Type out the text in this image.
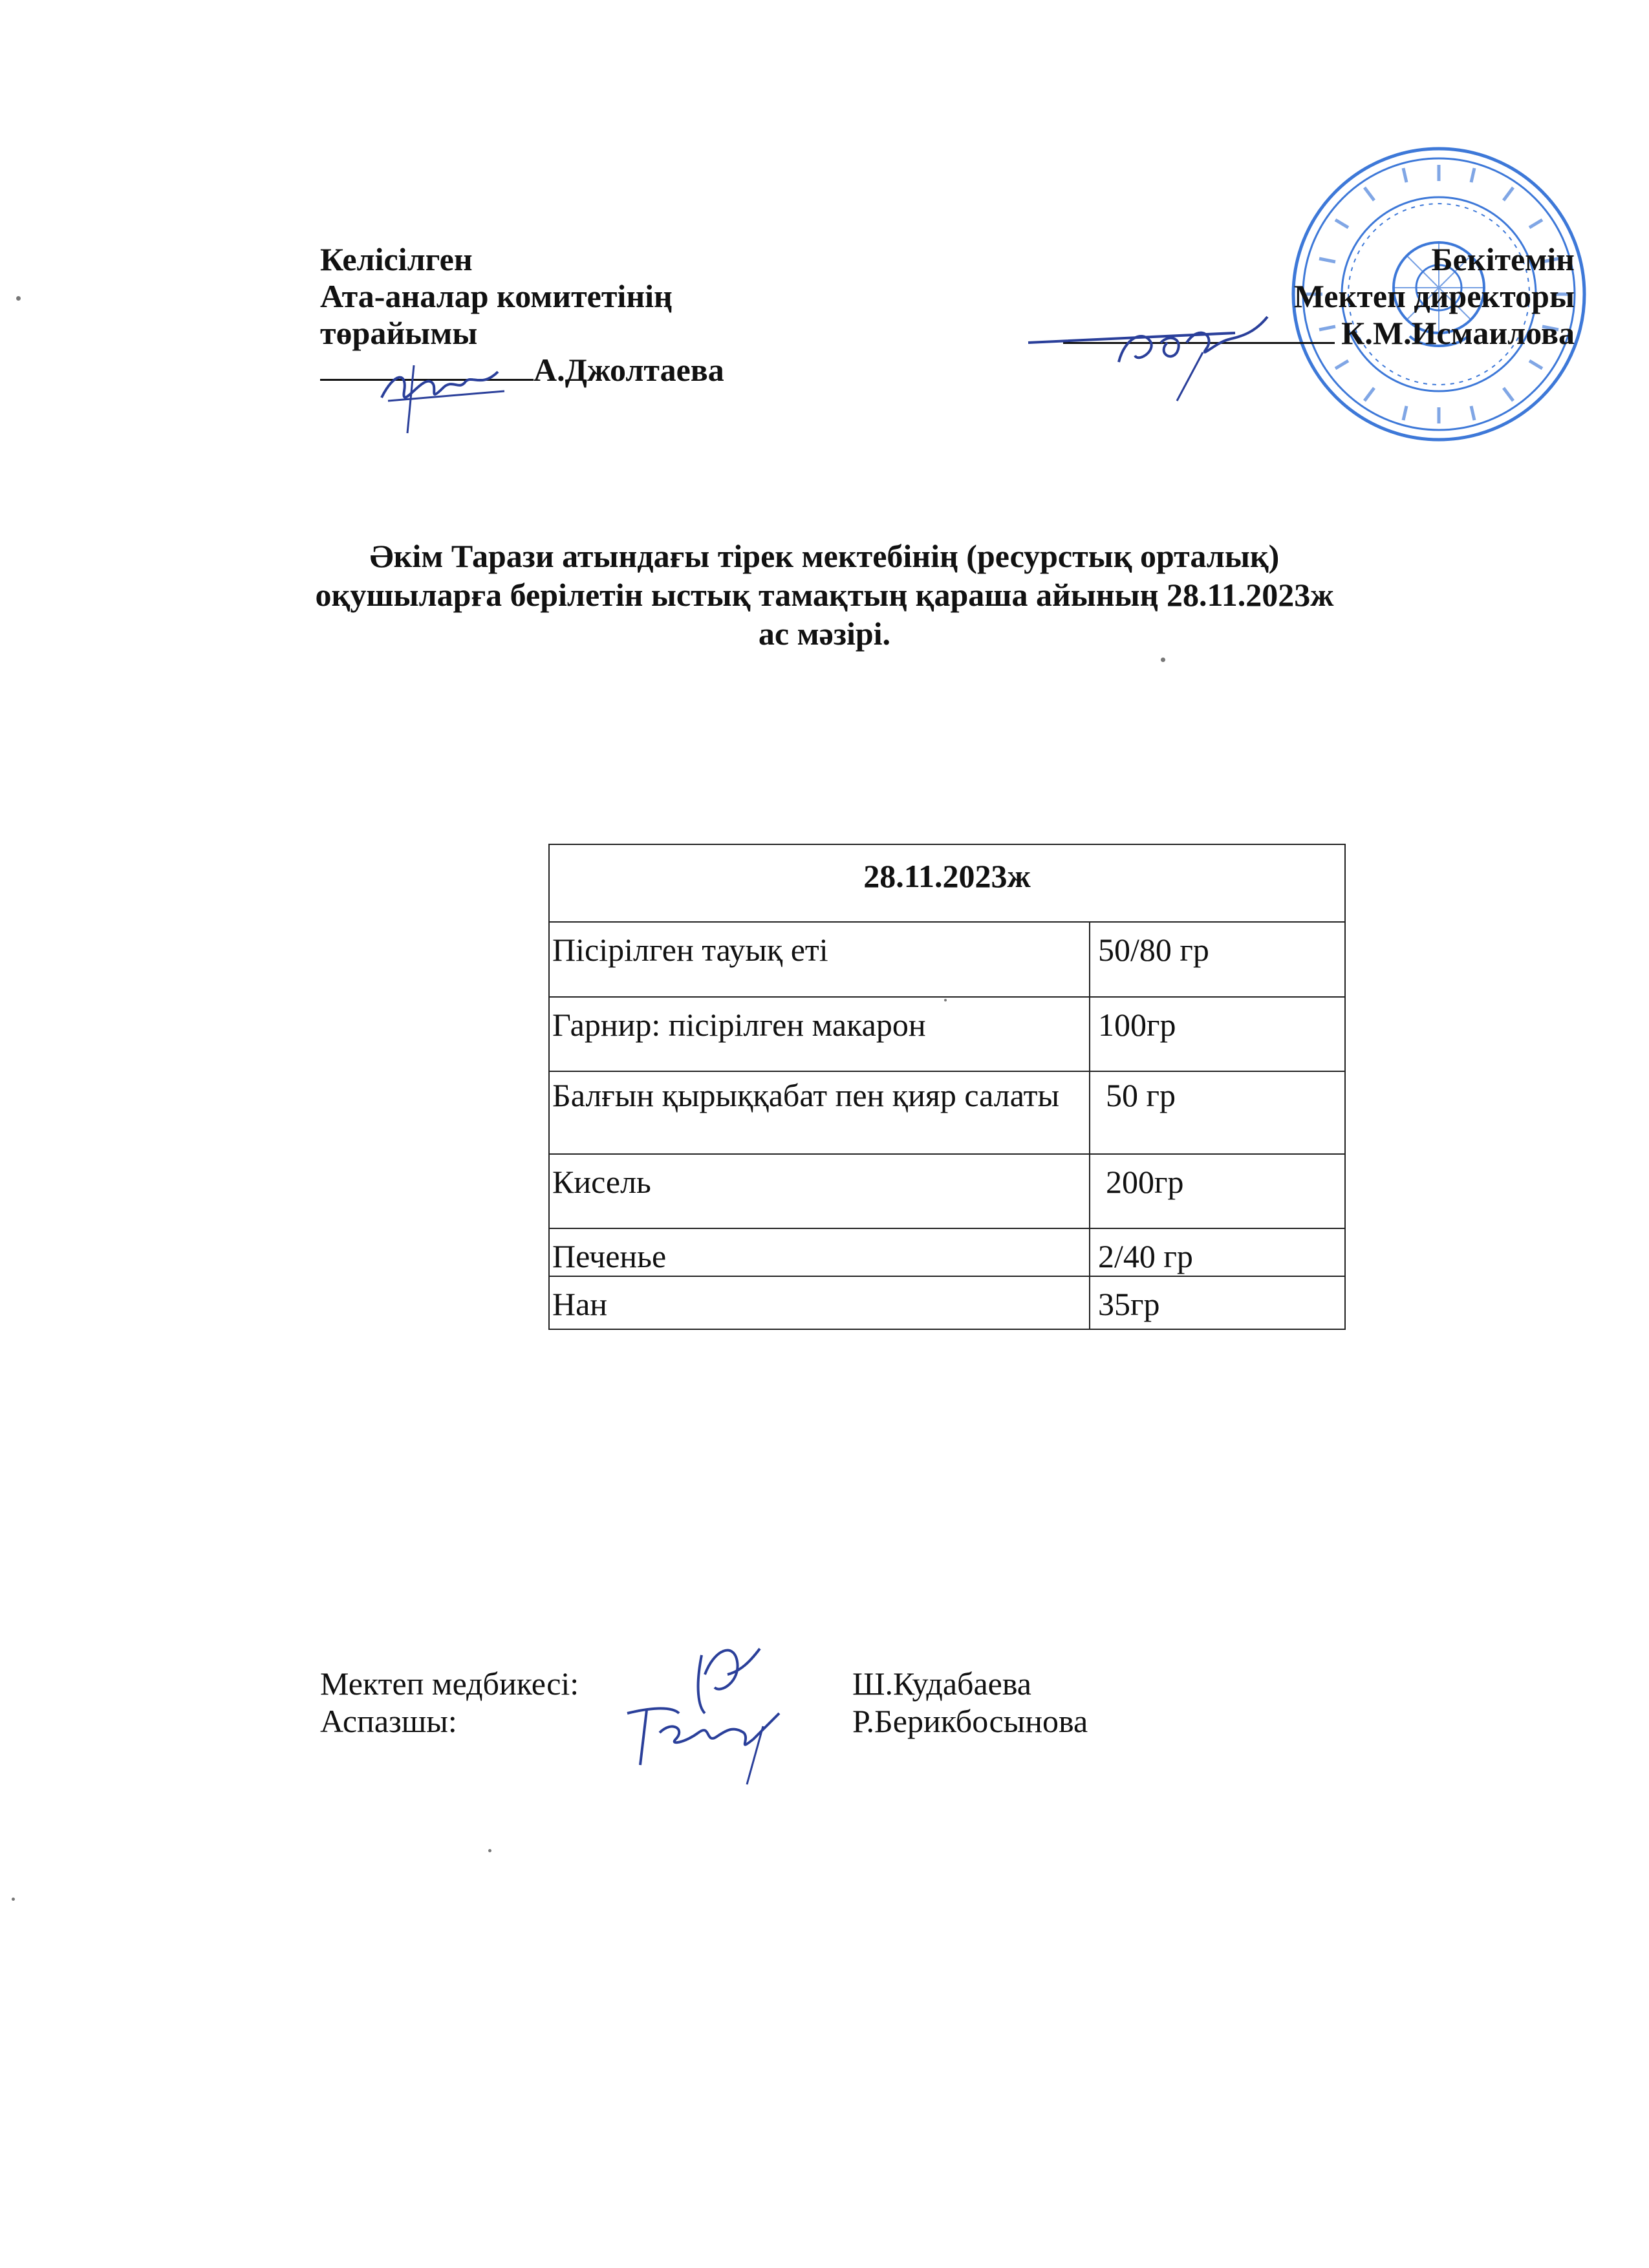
Келісілген
Ата-аналар комитетінің
төрайымы
А.Джолтаева
Бекітемін
Мектеп директоры
К.М.Исмаилова
Әкім Тарази атындағы тірек мектебінің (ресурстық орталық)
оқушыларға берілетін ыстық тамақтың қараша айының 28.11.2023ж
ас мәзірі.
28.11.2023ж	
Пісірілген тауық еті	50/80 гр
Гарнир: пісірілген макарон	100гр
Балғын қырыққабат пен қияр салаты	50 гр
Кисель	200гр
Печенье	2/40 гр
Нан	35гр
Мектеп медбикесі:	Ш.Кудабаева
Аспазшы:	Р.Берикбосынова
